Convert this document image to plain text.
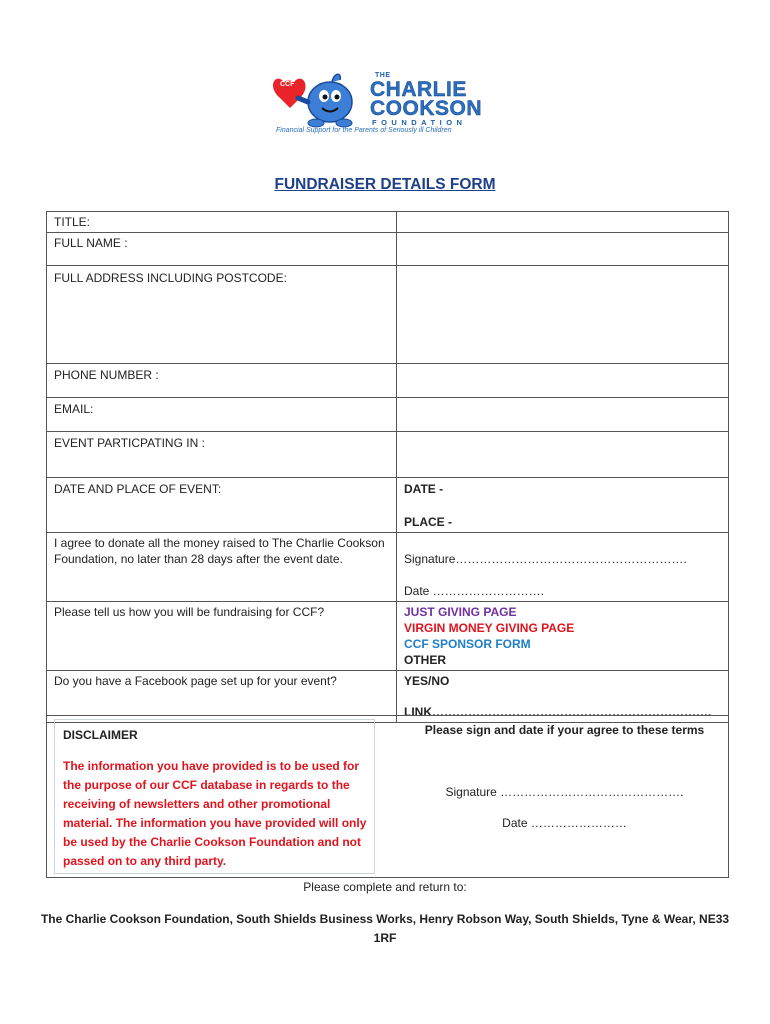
CCF
THE
CHARLIE
COOKSON
FOUNDATION
Financial Support for the Parents of Seriously ill Children
FUNDRAISER DETAILS FORM
TITLE:	
FULL NAME :	
FULL ADDRESS INCLUDING POSTCODE:	
PHONE NUMBER :	
EMAIL:	
EVENT PARTICPATING IN :	
DATE AND PLACE OF EVENT:	DATE -
PLACE -

I agree to donate all the money raised to The Charlie Cookson Foundation, no later than 28 days after the event date.	Signature………………………………………………….
Date ……………………….

Please tell us how you will be fundraising for CCF?	JUST GIVING PAGE
VIRGIN MONEY GIVING PAGE
CCF SPONSOR FORM
OTHER

Do you have a Facebook page set up for your event?	YES/NO
LINK…………………………………………………………….
DISCLAIMER
The information you have provided is to be used for the purpose of our CCF database in regards to the receiving of newsletters and other promotional material. The information you have provided will only be used by the Charlie Cookson Foundation and not passed on to any third party.
Please sign and date if your agree to these terms
Signature ……………………………………….
Date ……………………
Please complete and return to:
The Charlie Cookson Foundation, South Shields Business Works, Henry Robson Way, South Shields, Tyne & Wear, NE33 1RF
